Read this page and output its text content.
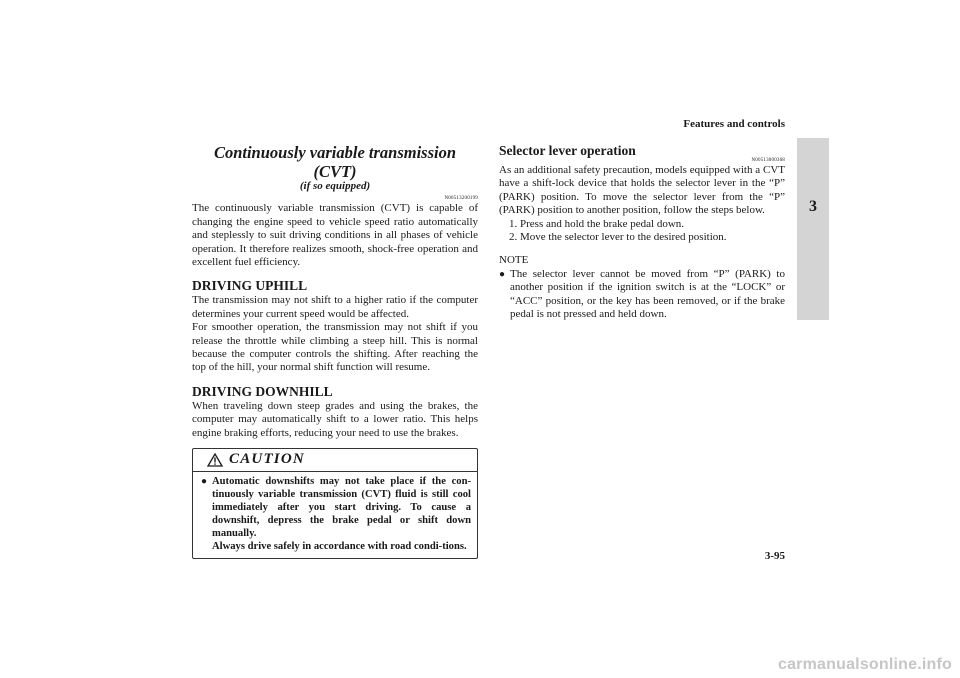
Features and controls
3
Continuously variable transmission (CVT)
(if so equipped)
N00513200199

The continuously variable transmission (CVT) is capable of changing the engine speed to vehicle speed ratio automatically and steplessly to suit driving conditions in all phases of vehicle operation. It therefore realizes smooth, shock-free operation and excellent fuel efficiency.

DRIVING UPHILL

The transmission may not shift to a higher ratio if the computer determines your current speed would be affected.

For smoother operation, the transmission may not shift if you release the throttle while climbing a steep hill. This is normal because the computer controls the shifting. After reaching the top of the hill, your normal shift function will resume.

DRIVING DOWNHILL

When traveling down steep grades and using the brakes, the computer may automatically shift to a lower ratio. This helps engine braking efforts, reducing your need to use the brakes.

CAUTION
● Automatic downshifts may not take place if the con-tinuously variable transmission (CVT) fluid is still cool immediately after you start driving. To cause a downshift, depress the brake pedal or shift down manually.
Always drive safely in accordance with road condi-tions.
Selector lever operation
N00513000368

As an additional safety precaution, models equipped with a CVT have a shift-lock device that holds the selector lever in the “P” (PARK) position. To move the selector lever from the “P” (PARK) position to another position, follow the steps below.

1. Press and hold the brake pedal down.

2. Move the selector lever to the desired position.

NOTE
● The selector lever cannot be moved from “P” (PARK) to another position if the ignition switch is at the “LOCK” or “ACC” position, or the key has been removed, or if the brake pedal is not pressed and held down.
3-95
carmanualsonline.info
